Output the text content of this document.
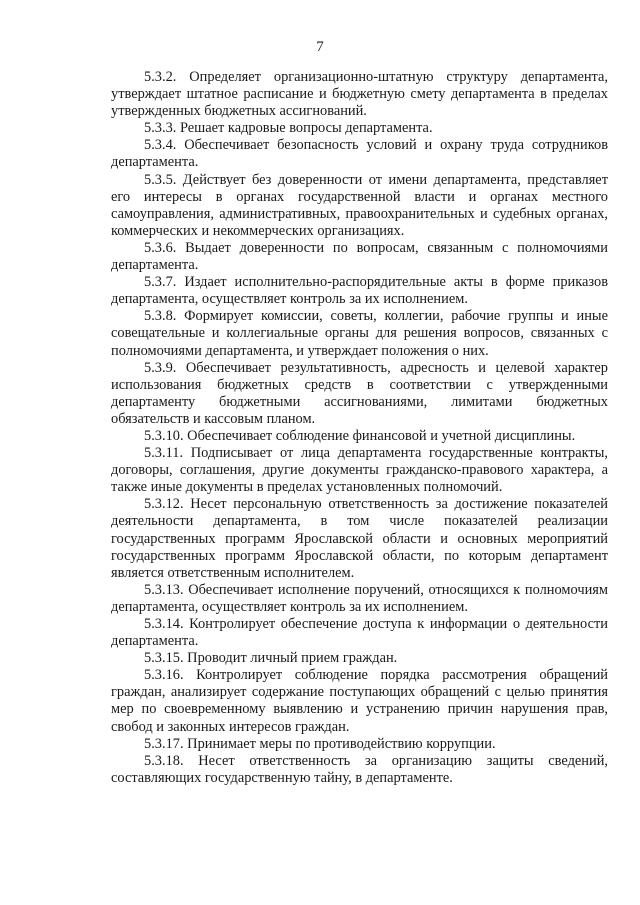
7

5.3.2. Определяет организационно-штатную структуру департамента, утверждает штатное расписание и бюджетную смету департамента в пределах утвержденных бюджетных ассигнований.

5.3.3. Решает кадровые вопросы департамента.

5.3.4. Обеспечивает безопасность условий и охрану труда сотрудников департамента.

5.3.5. Действует без доверенности от имени департамента, представляет его интересы в органах государственной власти и органах местного самоуправления, административных, правоохранительных и судебных органах, коммерческих и некоммерческих организациях.

5.3.6. Выдает доверенности по вопросам, связанным с полномочиями департамента.

5.3.7. Издает исполнительно-распорядительные акты в форме приказов департамента, осуществляет контроль за их исполнением.

5.3.8. Формирует комиссии, советы, коллегии, рабочие группы и иные совещательные и коллегиальные органы для решения вопросов, связанных с полномочиями департамента, и утверждает положения о них.

5.3.9. Обеспечивает результативность, адресность и целевой характер использования бюджетных средств в соответствии с утвержденными департаменту бюджетными ассигнованиями, лимитами бюджетных обязательств и кассовым планом.

5.3.10. Обеспечивает соблюдение финансовой и учетной дисциплины.

5.3.11. Подписывает от лица департамента государственные контракты, договоры, соглашения, другие документы гражданско-правового характера, а также иные документы в пределах установленных полномочий.

5.3.12. Несет персональную ответственность за достижение показателей деятельности департамента, в том числе показателей реализации государственных программ Ярославской области и основных мероприятий государственных программ Ярославской области, по которым департамент является ответственным исполнителем.

5.3.13. Обеспечивает исполнение поручений, относящихся к полномочиям департамента, осуществляет контроль за их исполнением.

5.3.14. Контролирует обеспечение доступа к информации о деятельности департамента.

5.3.15. Проводит личный прием граждан.

5.3.16. Контролирует соблюдение порядка рассмотрения обращений граждан, анализирует содержание поступающих обращений с целью принятия мер по своевременному выявлению и устранению причин нарушения прав, свобод и законных интересов граждан.

5.3.17. Принимает меры по противодействию коррупции.

5.3.18. Несет ответственность за организацию защиты сведений, составляющих государственную тайну, в департаменте.
